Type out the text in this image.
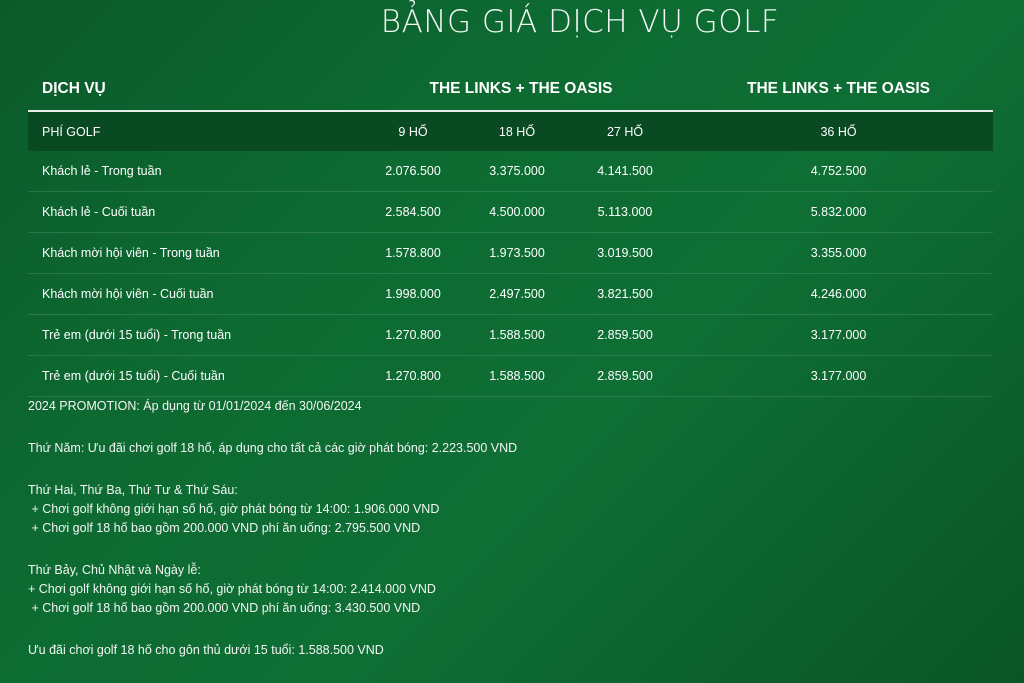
BẢNG GIÁ DỊCH VỤ GOLF
DỊCH VỤ	THE LINKS + THE OASIS			THE LINKS + THE OASIS
PHÍ GOLF	9 HỐ	18 HỐ	27 HỐ	36 HỐ
Khách lẻ - Trong tuần	2.076.500	3.375.000	4.141.500	4.752.500
Khách lẻ - Cuối tuần	2.584.500	4.500.000	5.113.000	5.832.000
Khách mời hội viên - Trong tuần	1.578.800	1.973.500	3.019.500	3.355.000
Khách mời hội viên - Cuối tuần	1.998.000	2.497.500	3.821.500	4.246.000
Trẻ em (dưới 15 tuổi) - Trong tuần	1.270.800	1.588.500	2.859.500	3.177.000
Trẻ em (dưới 15 tuổi) - Cuối tuần	1.270.800	1.588.500	2.859.500	3.177.000

2024 PROMOTION: Áp dụng từ 01/01/2024 đến 30/06/2024

Thứ Năm: Ưu đãi chơi golf 18 hố, áp dụng cho tất cả các giờ phát bóng: 2.223.500 VND

Thứ Hai, Thứ Ba, Thứ Tư & Thứ Sáu:

+ Chơi golf không giới hạn số hố, giờ phát bóng từ 14:00: 1.906.000 VND

+ Chơi golf 18 hố bao gồm 200.000 VND phí ăn uống: 2.795.500 VND

Thứ Bảy, Chủ Nhật và Ngày lễ:

+ Chơi golf không giới hạn số hố, giờ phát bóng từ 14:00: 2.414.000 VND

+ Chơi golf 18 hố bao gồm 200.000 VND phí ăn uống: 3.430.500 VND

Ưu đãi chơi golf 18 hố cho gôn thủ dưới 15 tuổi: 1.588.500 VND
